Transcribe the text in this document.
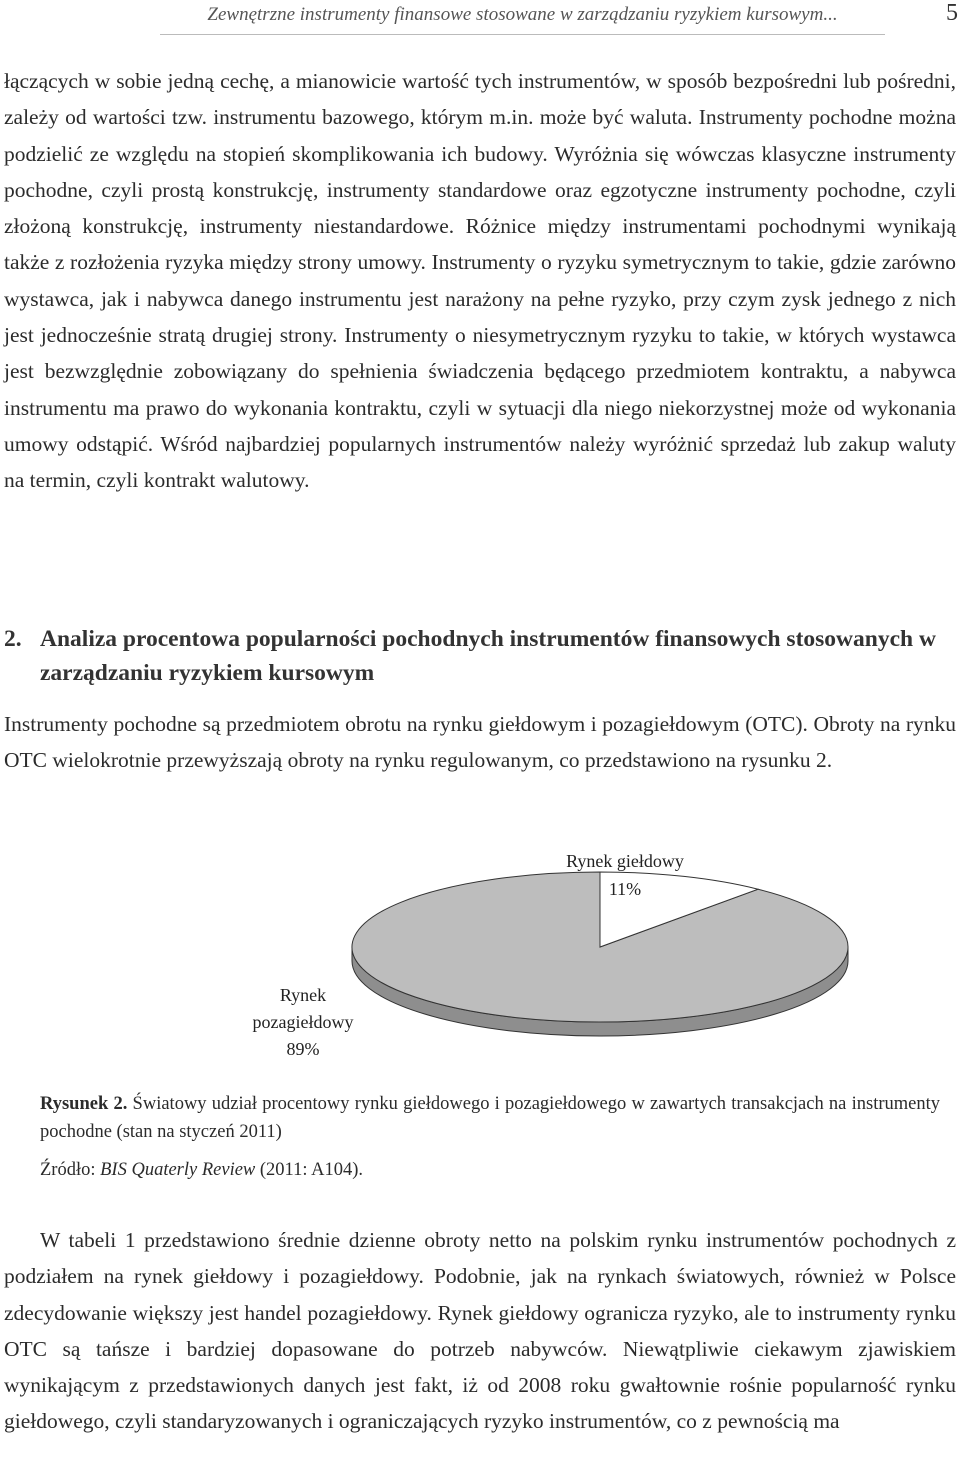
Zewnętrzne instrumenty finansowe stosowane w zarządzaniu ryzykiem kursowym...	5

łączących w sobie jedną cechę, a mianowicie wartość tych instrumentów, w sposób bezpośredni lub pośredni, zależy od wartości tzw. instrumentu bazowego, którym m.in. może być waluta. Instrumenty pochodne można podzielić ze względu na stopień skomplikowania ich budowy. Wyróżnia się wówczas klasyczne instrumenty pochodne, czyli prostą konstrukcję, instrumenty standardowe oraz egzotyczne instrumenty pochodne, czyli złożoną konstrukcję, instrumenty niestandardowe. Różnice między instrumentami pochodnymi wynikają także z rozłożenia ryzyka między strony umowy. Instrumenty o ryzyku symetrycznym to takie, gdzie zarówno wystawca, jak i nabywca danego instrumentu jest narażony na pełne ryzyko, przy czym zysk jednego z nich jest jednocześnie stratą drugiej strony. Instrumenty o niesymetrycznym ryzyku to takie, w których wystawca jest bezwzględnie zobowiązany do spełnienia świadczenia będącego przedmiotem kontraktu, a nabywca instrumentu ma prawo do wykonania kontraktu, czyli w sytuacji dla niego niekorzystnej może od wykonania umowy odstąpić. Wśród najbardziej popularnych instrumentów należy wyróżnić sprzedaż lub zakup waluty na termin, czyli kontrakt walutowy.

2. Analiza procentowa popularności pochodnych instrumentów finansowych stosowanych w zarządzaniu ryzykiem kursowym

Instrumenty pochodne są przedmiotem obrotu na rynku giełdowym i pozagiełdowym (OTC). Obroty na rynku OTC wielokrotnie przewyższają obroty na rynku regulowanym, co przedstawiono na rysunku 2.

Rynek giełdowy
11%
Rynek
pozagiełdowy
89%

Rysunek 2. Światowy udział procentowy rynku giełdowego i pozagiełdowego w zawartych transakcjach na instrumenty pochodne (stan na styczeń 2011)

Źródło: BIS Quaterly Review (2011: A104).

W tabeli 1 przedstawiono średnie dzienne obroty netto na polskim rynku instrumentów pochodnych z podziałem na rynek giełdowy i pozagiełdowy. Podobnie, jak na rynkach światowych, również w Polsce zdecydowanie większy jest handel pozagiełdowy. Rynek giełdowy ogranicza ryzyko, ale to instrumenty rynku OTC są tańsze i bardziej dopasowane do potrzeb nabywców. Niewątpliwie ciekawym zjawiskiem wynikającym z przedstawionych danych jest fakt, iż od 2008 roku gwałtownie rośnie popularność rynku giełdowego, czyli standaryzowanych i ograniczających ryzyko instrumentów, co z pewnością ma
